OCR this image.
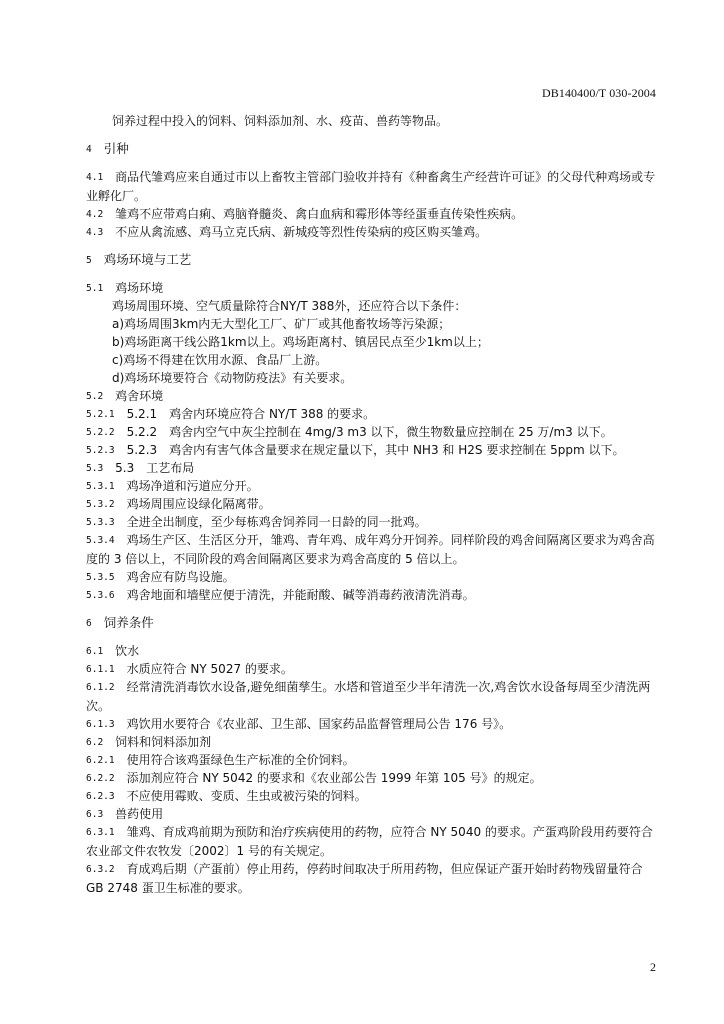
DB140400/T 030-2004
饲养过程中投入的饲料、饲料添加剂、水、疫苗、兽药等物品。
4 引种
4.1 商品代雏鸡应来自通过市以上畜牧主管部门验收并持有《种畜禽生产经营许可证》的父母代种鸡场或专业孵化厂。
4.2 雏鸡不应带鸡白痢、鸡脑脊髓炎、禽白血病和霉形体等经蛋垂直传染性疾病。
4.3 不应从禽流感、鸡马立克氏病、新城疫等烈性传染病的疫区购买雏鸡。
5 鸡场环境与工艺
5.1 鸡场环境
鸡场周围环境、空气质量除符合NY/T 388外，还应符合以下条件：
a)鸡场周围3km内无大型化工厂、矿厂或其他畜牧场等污染源；
b)鸡场距离干线公路1km以上。鸡场距离村、镇居民点至少1km以上；
c)鸡场不得建在饮用水源、食品厂上游。
d)鸡场环境要符合《动物防疫法》有关要求。
5.2 鸡舍环境
5.2.1 5.2.1　鸡舍内环境应符合 NY/T 388 的要求。
5.2.2 5.2.2　鸡舍内空气中灰尘控制在 4mg/3 m3 以下，微生物数量应控制在 25 万/m3 以下。
5.2.3 5.2.3　鸡舍内有害气体含量要求在规定量以下，其中 NH3 和 H2S 要求控制在 5ppm 以下。
5.3 5.3　工艺布局
5.3.1 鸡场净道和污道应分开。
5.3.2 鸡场周围应设绿化隔离带。
5.3.3 全进全出制度，至少每栋鸡舍饲养同一日龄的同一批鸡。
5.3.4 鸡场生产区、生活区分开，雏鸡、青年鸡、成年鸡分开饲养。同样阶段的鸡舍间隔离区要求为鸡舍高度的 3 倍以上，不同阶段的鸡舍间隔离区要求为鸡舍高度的 5 倍以上。
5.3.5 鸡舍应有防鸟设施。
5.3.6 鸡舍地面和墙壁应便于清洗，并能耐酸、碱等消毒药液清洗消毒。
6 饲养条件
6.1 饮水
6.1.1 水质应符合 NY 5027 的要求。
6.1.2 经常清洗消毒饮水设备,避免细菌孳生。水塔和管道至少半年清洗一次,鸡舍饮水设备每周至少清洗两次。
6.1.3 鸡饮用水要符合《农业部、卫生部、国家药品监督管理局公告 176 号》。
6.2 饲料和饲料添加剂
6.2.1 使用符合该鸡蛋绿色生产标准的全价饲料。
6.2.2 添加剂应符合 NY 5042 的要求和《农业部公告 1999 年第 105 号》的规定。
6.2.3 不应使用霉败、变质、生虫或被污染的饲料。
6.3 兽药使用
6.3.1 雏鸡、育成鸡前期为预防和治疗疾病使用的药物，应符合 NY 5040 的要求。产蛋鸡阶段用药要符合农业部文件农牧发〔2002〕1 号的有关规定。
6.3.2 育成鸡后期（产蛋前）停止用药，停药时间取决于所用药物，但应保证产蛋开始时药物残留量符合 GB 2748 蛋卫生标准的要求。
2
